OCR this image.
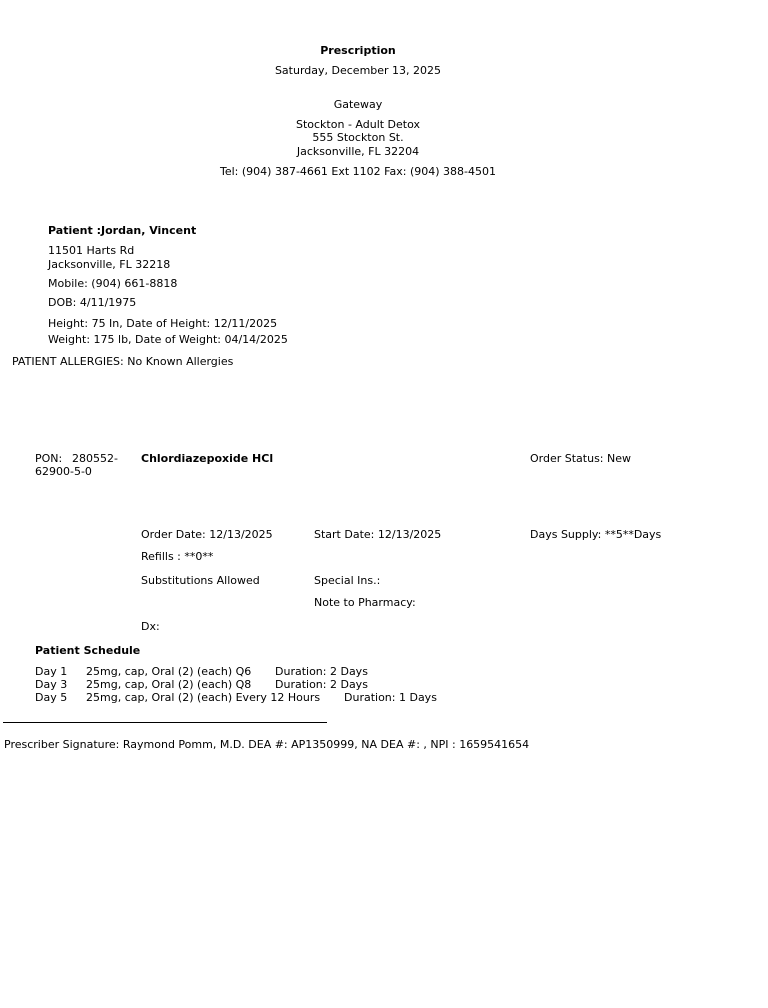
Prescription
Saturday, December 13, 2025
Gateway
Stockton - Adult Detox
555 Stockton St.
Jacksonville, FL 32204
Tel: (904) 387-4661 Ext 1102 Fax: (904) 388-4501
Patient :Jordan, Vincent
11501 Harts Rd
Jacksonville, FL 32218
Mobile: (904) 661-8818
DOB: 4/11/1975
Height: 75 In, Date of Height: 12/11/2025
Weight: 175 lb, Date of Weight: 04/14/2025
PATIENT ALLERGIES: No Known Allergies
PON: 280552-
62900-5-0
Chlordiazepoxide HCl	Order Status: New
Order Date: 12/13/2025	Start Date: 12/13/2025	Days Supply: **5**Days
Refills : **0**
Substitutions Allowed	Special Ins.:
Note to Pharmacy:
Dx:
Patient Schedule
Day 1 25mg, cap, Oral (2) (each) Q6 Duration: 2 Days
Day 3 25mg, cap, Oral (2) (each) Q8 Duration: 2 Days
Day 5 25mg, cap, Oral (2) (each) Every 12 Hours Duration: 1 Days
Prescriber Signature: Raymond Pomm, M.D. DEA #: AP1350999, NA DEA #: , NPI : 1659541654
